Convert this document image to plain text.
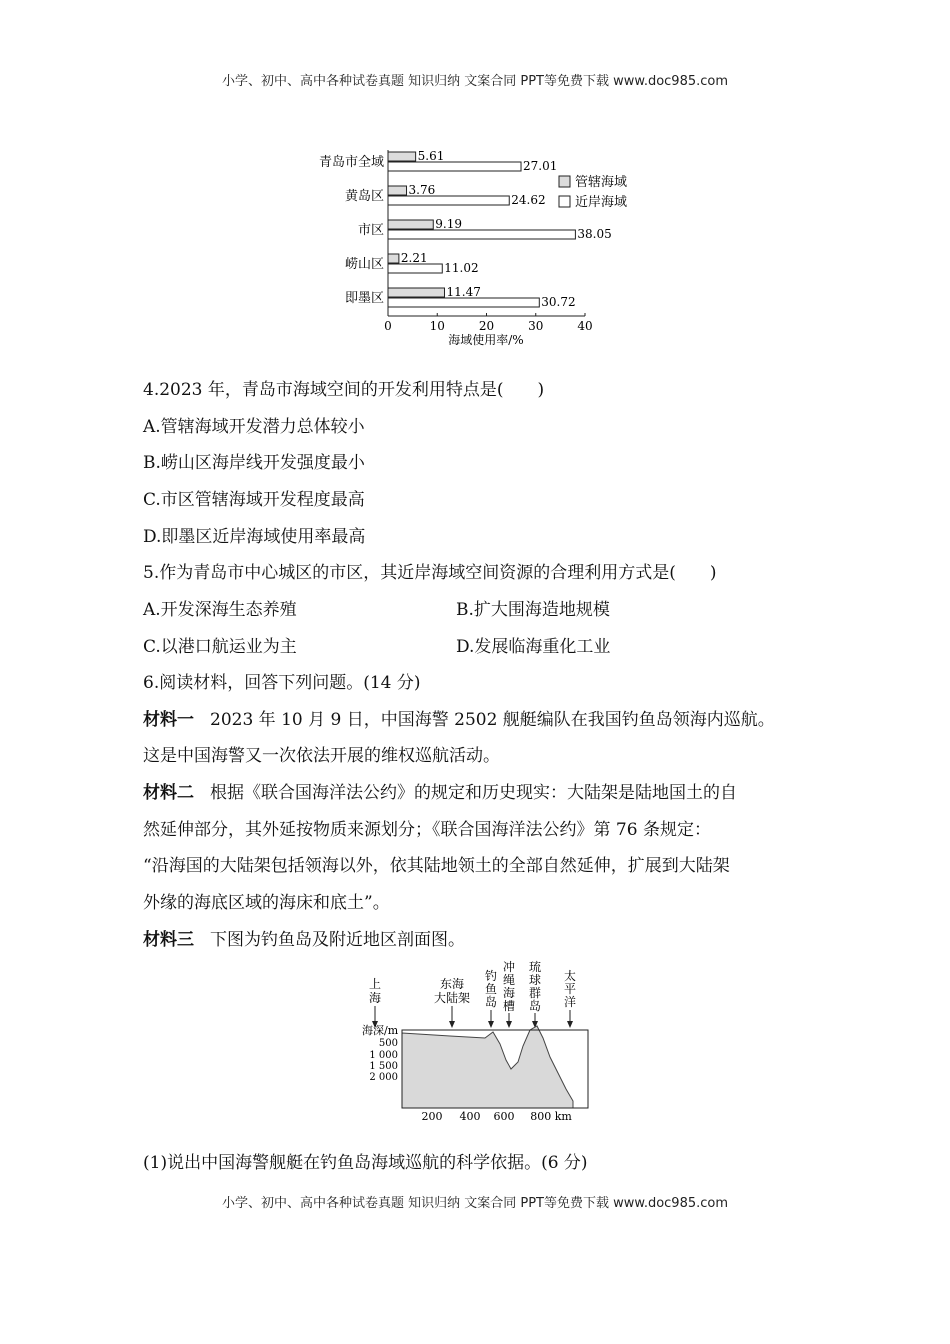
小学、初中、高中各种试卷真题 知识归纳 文案合同 PPT等免费下载 www.doc985.com
青岛市全域
黄岛区
市区
崂山区
即墨区
5.61
27.01
3.76
24.62
9.19
38.05
2.21
11.02
11.47
30.72
0	10	20	30	40
海域使用率/%
管辖海域
近岸海域
4.2023 年，青岛市海域空间的开发利用特点是(　　)
A.管辖海域开发潜力总体较小
B.崂山区海岸线开发强度最小
C.市区管辖海域开发程度最高
D.即墨区近岸海域使用率最高
5.作为青岛市中心城区的市区，其近岸海域空间资源的合理利用方式是(　　)
A.开发深海生态养殖	B.扩大围海造地规模
C.以港口航运业为主	D.发展临海重化工业
6.阅读材料，回答下列问题。(14 分)
材料一 2023 年 10 月 9 日，中国海警 2502 舰艇编队在我国钓鱼岛领海内巡航。
这是中国海警又一次依法开展的维权巡航活动。
材料二 根据《联合国海洋法公约》的规定和历史现实：大陆架是陆地国土的自
然延伸部分，其外延按物质来源划分；《联合国海洋法公约》第 76 条规定：
“沿海国的大陆架包括领海以外，依其陆地领土的全部自然延伸，扩展到大陆架
外缘的海底区域的海床和底土”。
材料三 下图为钓鱼岛及附近地区剖面图。
上
海
东海
大陆架
钓
鱼
岛
冲
绳
海
槽
琉
球
群
岛
太
平
洋
海深/m
500
1 000
1 500
2 000
200 400 600 800 km
(1)说出中国海警舰艇在钓鱼岛海域巡航的科学依据。(6 分)
小学、初中、高中各种试卷真题 知识归纳 文案合同 PPT等免费下载 www.doc985.com
